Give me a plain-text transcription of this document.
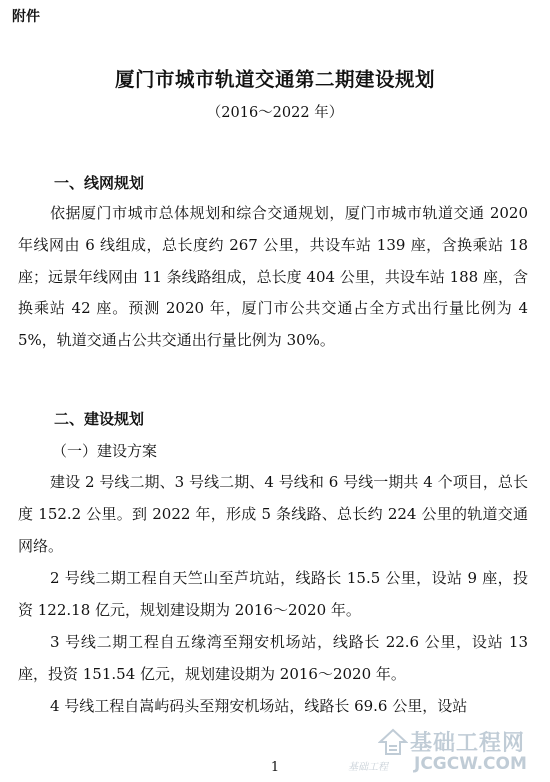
附件
厦门市城市轨道交通第二期建设规划
（2016～2022 年）
一、线网规划
依据厦门市城市总体规划和综合交通规划，厦门市城市轨道交通 2020 年线网由 6 线组成，总长度约 267 公里，共设车站 139 座，含换乘站 18 座；远景年线网由 11 条线路组成，总长度 404 公里，共设车站 188 座，含换乘站 42 座。预测 2020 年，厦门市公共交通占全方式出行量比例为 45%，轨道交通占公共交通出行量比例为 30%。
二、建设规划
（一）建设方案
建设 2 号线二期、3 号线二期、4 号线和 6 号线一期共 4 个项目，总长度 152.2 公里。到 2022 年，形成 5 条线路、总长约 224 公里的轨道交通网络。
2 号线二期工程自天竺山至芦坑站，线路长 15.5 公里，设站 9 座，投资 122.18 亿元，规划建设期为 2016～2020 年。
3 号线二期工程自五缘湾至翔安机场站，线路长 22.6 公里，设站 13 座，投资 151.54 亿元，规划建设期为 2016～2020 年。
4 号线工程自嵩屿码头至翔安机场站，线路长 69.6 公里，设站
1
基础工程网
JCGCW.COM
基础工程
